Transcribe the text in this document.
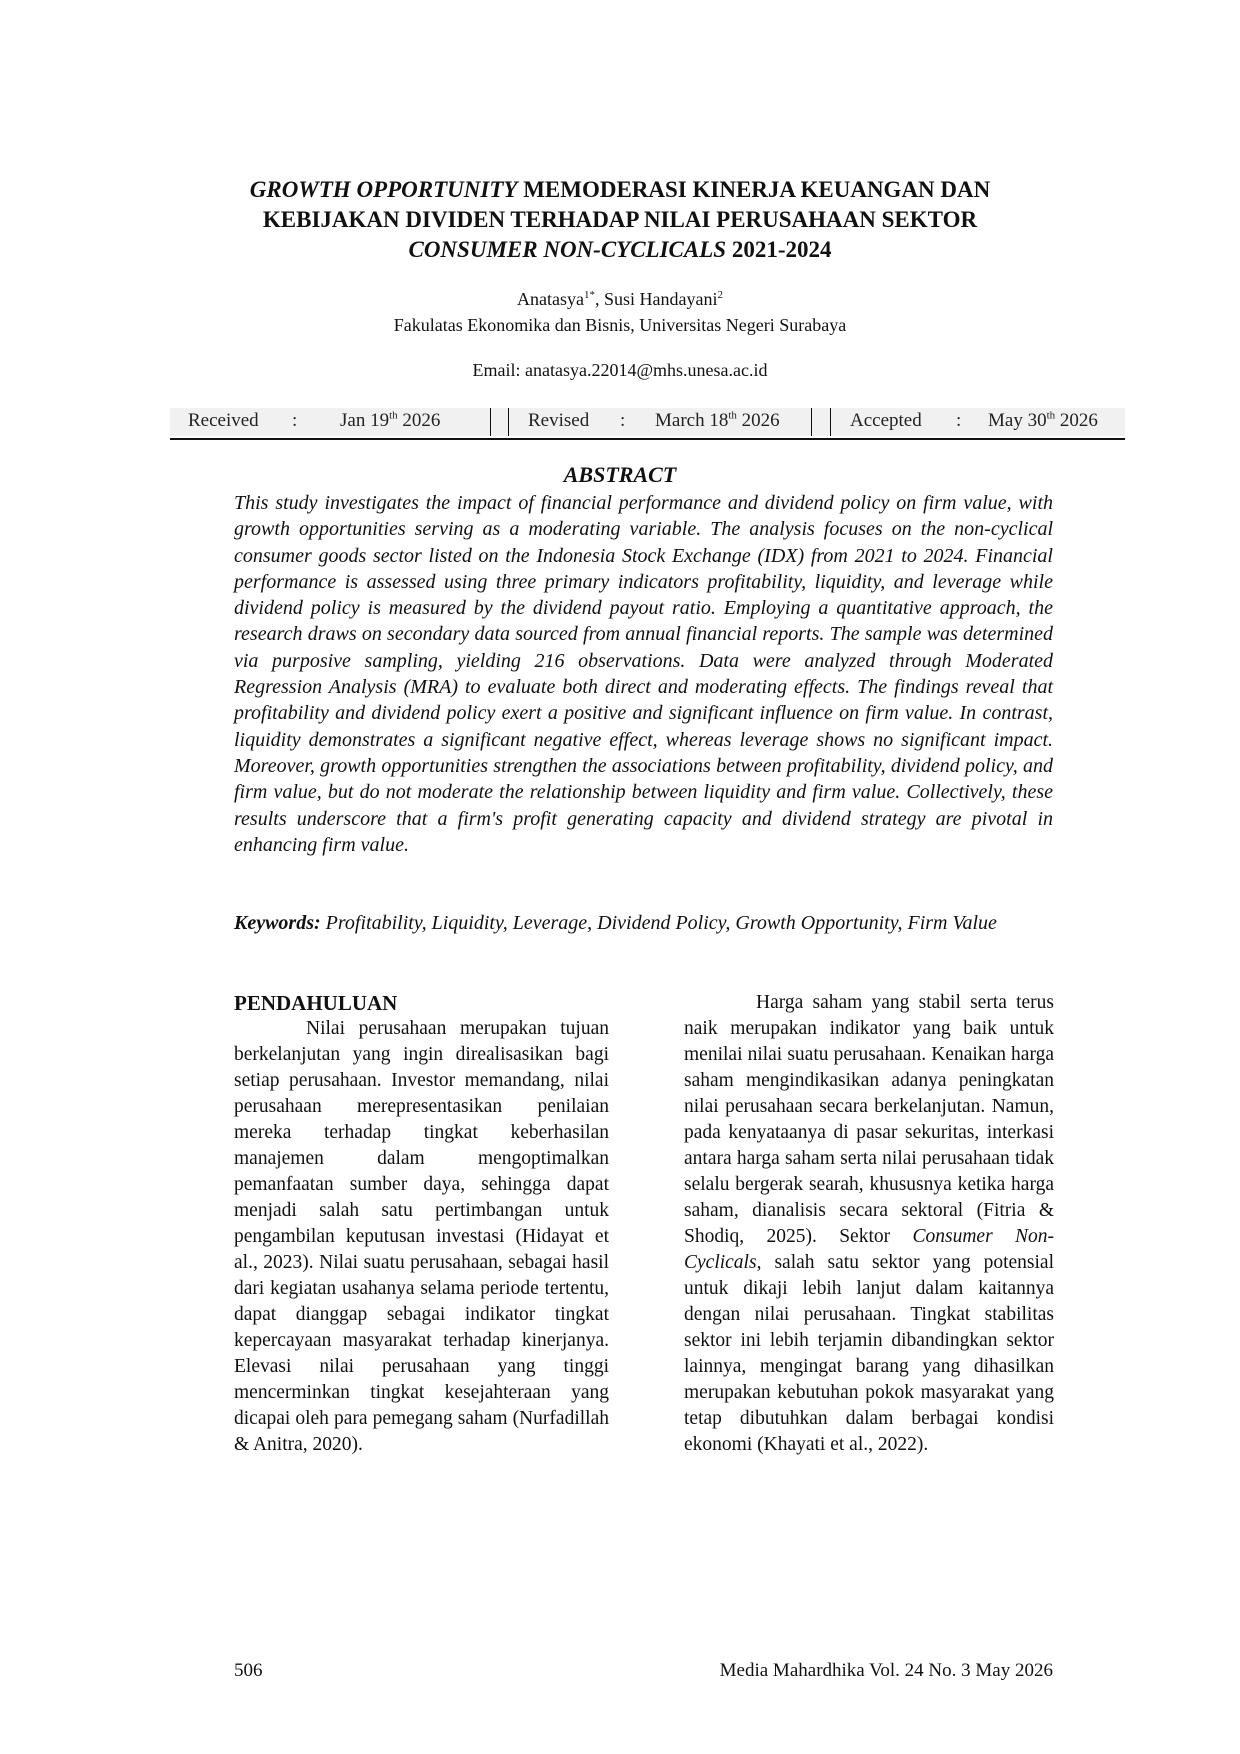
GROWTH OPPORTUNITY MEMODERASI KINERJA KEUANGAN DAN
KEBIJAKAN DIVIDEN TERHADAP NILAI PERUSAHAAN SEKTOR
CONSUMER NON-CYCLICALS 2021-2024
Anatasya$^{1*}$, Susi Handayani$^2$
Fakulatas Ekonomika dan Bisnis, Universitas Negeri Surabaya
Email: anatasya.22014@mhs.unesa.ac.id
Received : Jan 19th 2026	Revised : March 18th 2026	Accepted : May 30th 2026
ABSTRACT
This study investigates the impact of financial performance and dividend policy on firm value, with growth opportunities serving as a moderating variable. The analysis focuses on the non-cyclical consumer goods sector listed on the Indonesia Stock Exchange (IDX) from 2021 to 2024. Financial performance is assessed using three primary indicators profitability, liquidity, and leverage while dividend policy is measured by the dividend payout ratio. Employing a quantitative approach, the research draws on secondary data sourced from annual financial reports. The sample was determined via purposive sampling, yielding 216 observations. Data were analyzed through Moderated Regression Analysis (MRA) to evaluate both direct and moderating effects. The findings reveal that profitability and dividend policy exert a positive and significant influence on firm value. In contrast, liquidity demonstrates a significant negative effect, whereas leverage shows no significant impact. Moreover, growth opportunities strengthen the associations between profitability, dividend policy, and firm value, but do not moderate the relationship between liquidity and firm value. Collectively, these results underscore that a firm's profit generating capacity and dividend strategy are pivotal in enhancing firm value.
Keywords: Profitability, Liquidity, Leverage, Dividend Policy, Growth Opportunity, Firm Value
PENDAHULUAN

Nilai perusahaan merupakan tujuan berkelanjutan yang ingin direalisasikan bagi setiap perusahaan. Investor memandang, nilai perusahaan merepresentasikan penilaian mereka terhadap tingkat keberhasilan manajemen dalam mengoptimalkan pemanfaatan sumber daya, sehingga dapat menjadi salah satu pertimbangan untuk pengambilan keputusan investasi (Hidayat et al., 2023). Nilai suatu perusahaan, sebagai hasil dari kegiatan usahanya selama periode tertentu, dapat dianggap sebagai indikator tingkat kepercayaan masyarakat terhadap kinerjanya. Elevasi nilai perusahaan yang tinggi mencerminkan tingkat kesejahteraan yang dicapai oleh para pemegang saham (Nurfadillah & Anitra, 2020).

Harga saham yang stabil serta terus naik merupakan indikator yang baik untuk menilai nilai suatu perusahaan. Kenaikan harga saham mengindikasikan adanya peningkatan nilai perusahaan secara berkelanjutan. Namun, pada kenyataanya di pasar sekuritas, interkasi antara harga saham serta nilai perusahaan tidak selalu bergerak searah, khususnya ketika harga saham, dianalisis secara sektoral (Fitria & Shodiq, 2025). Sektor Consumer Non-Cyclicals, salah satu sektor yang potensial untuk dikaji lebih lanjut dalam kaitannya dengan nilai perusahaan. Tingkat stabilitas sektor ini lebih terjamin dibandingkan sektor lainnya, mengingat barang yang dihasilkan merupakan kebutuhan pokok masyarakat yang tetap dibutuhkan dalam berbagai kondisi ekonomi (Khayati et al., 2022).

506	Media Mahardhika Vol. 24 No. 3 May 2026
